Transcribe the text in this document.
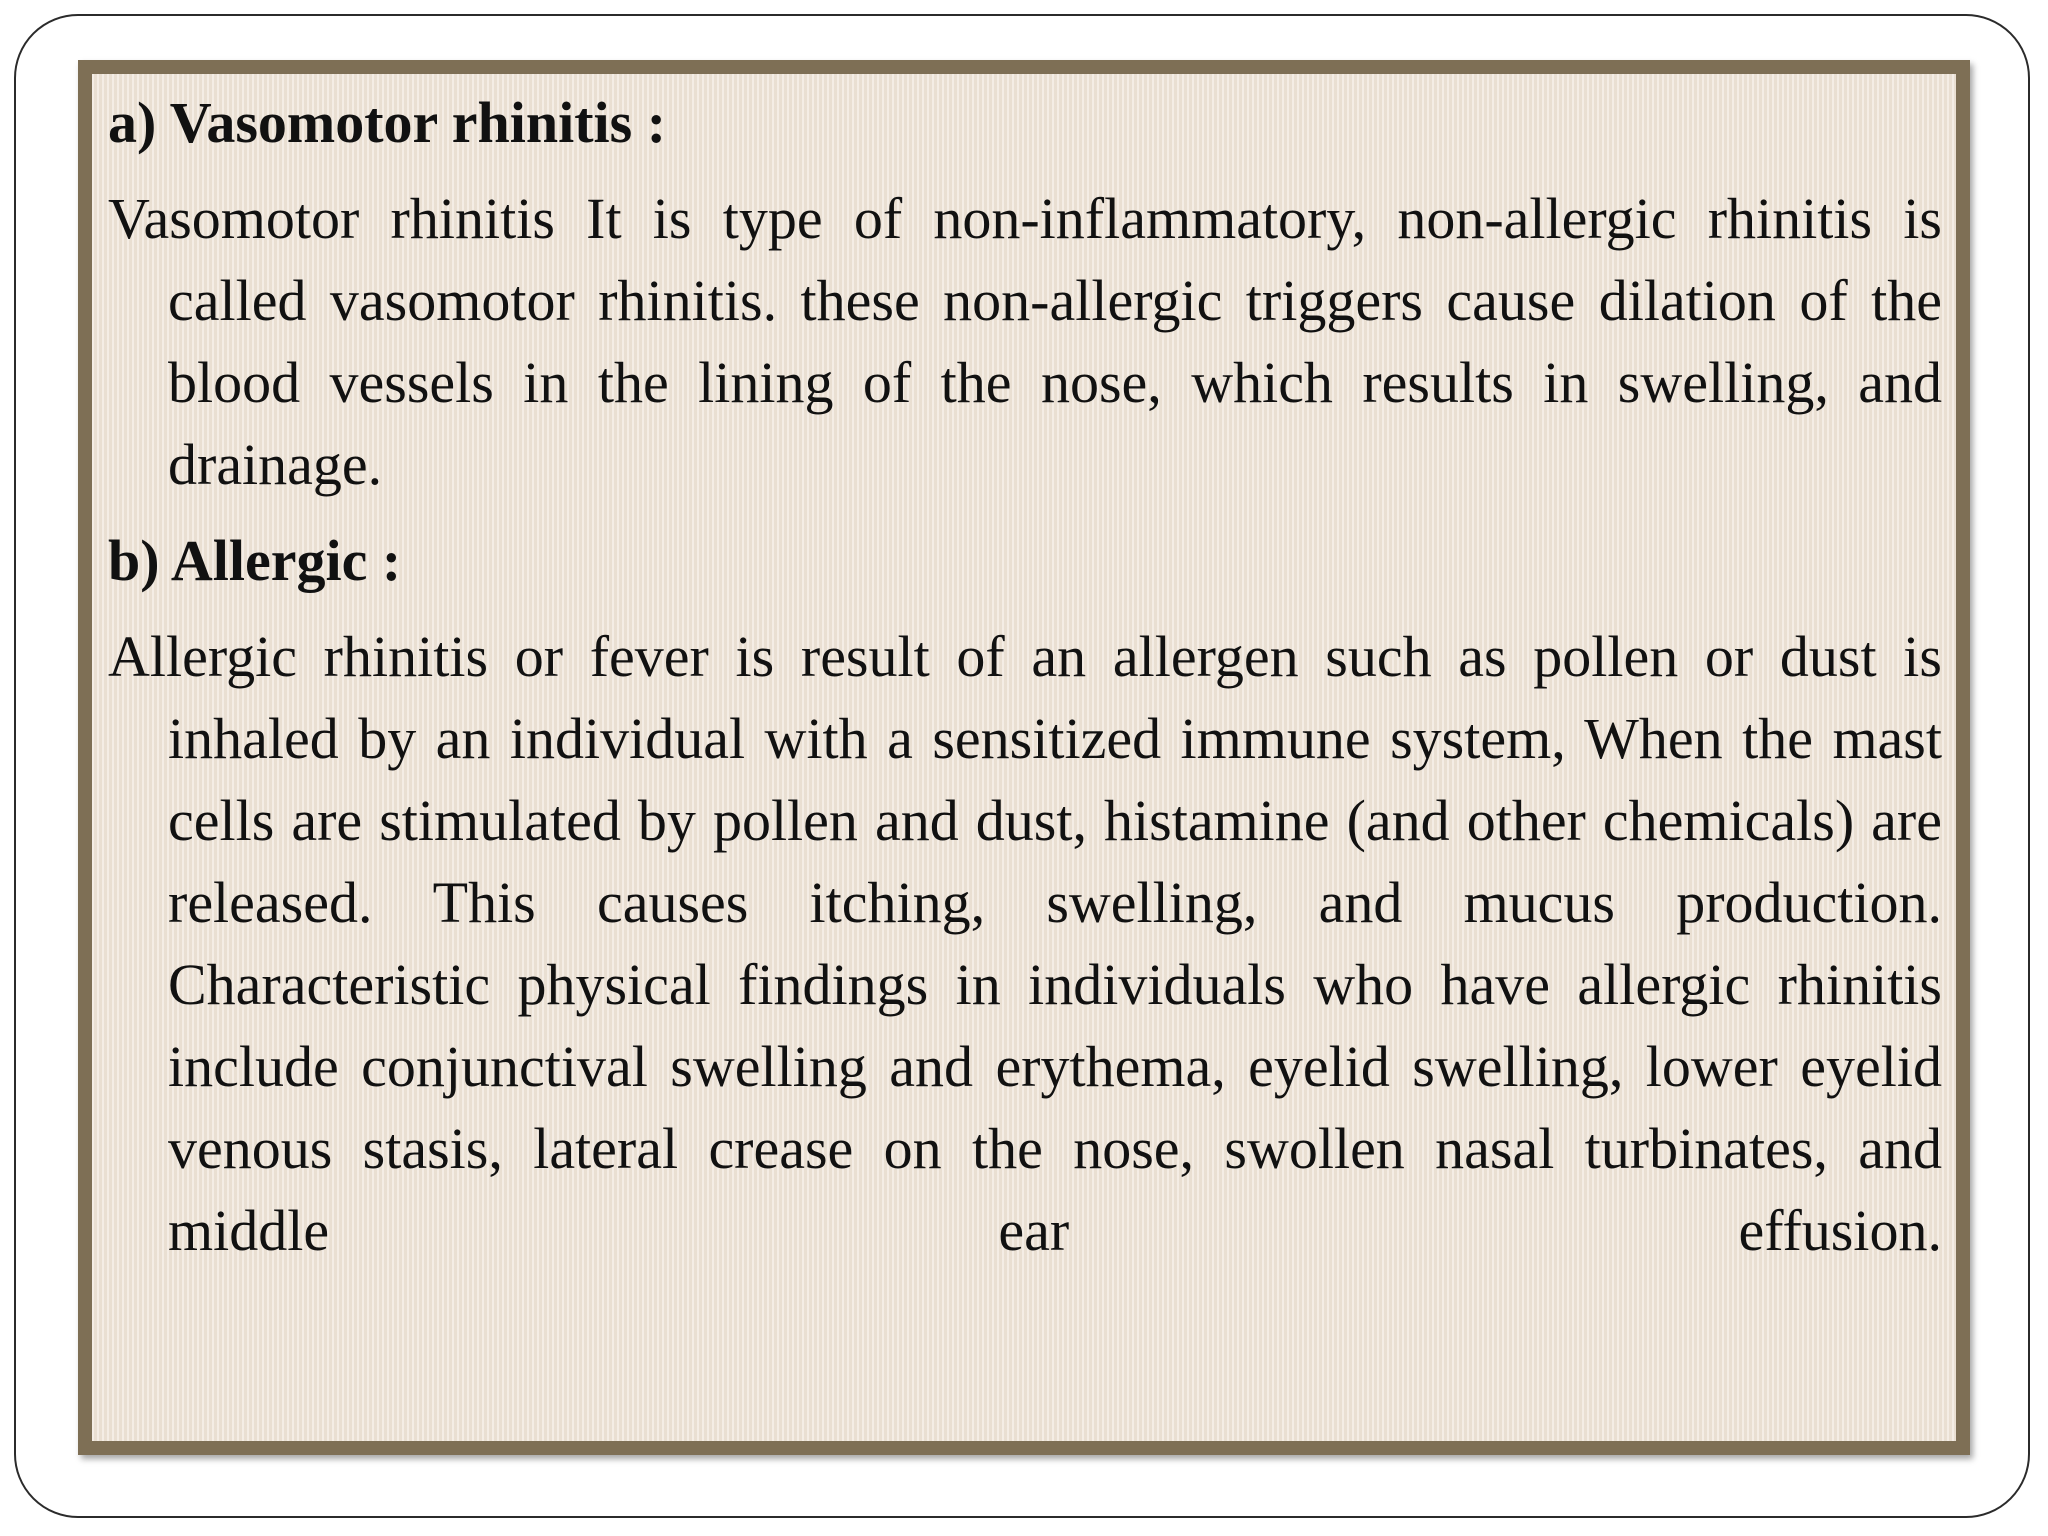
a) Vasomotor rhinitis :

Vasomotor rhinitis It is type of non-inflammatory, non-allergic rhinitis is called vasomotor rhinitis. these non-allergic triggers cause dilation of the blood vessels in the lining of the nose, which results in swelling, and drainage.

b) Allergic :

Allergic rhinitis or fever is result of an allergen such as pollen or dust is inhaled by an individual with a sensitized immune system, When the mast cells are stimulated by pollen and dust, histamine (and other chemicals) are released. This causes itching, swelling, and mucus production. Characteristic physical findings in individuals who have allergic rhinitis include conjunctival swelling and erythema, eyelid swelling, lower eyelid venous stasis, lateral crease on the nose, swollen nasal turbinates, and middle ear effusion.
